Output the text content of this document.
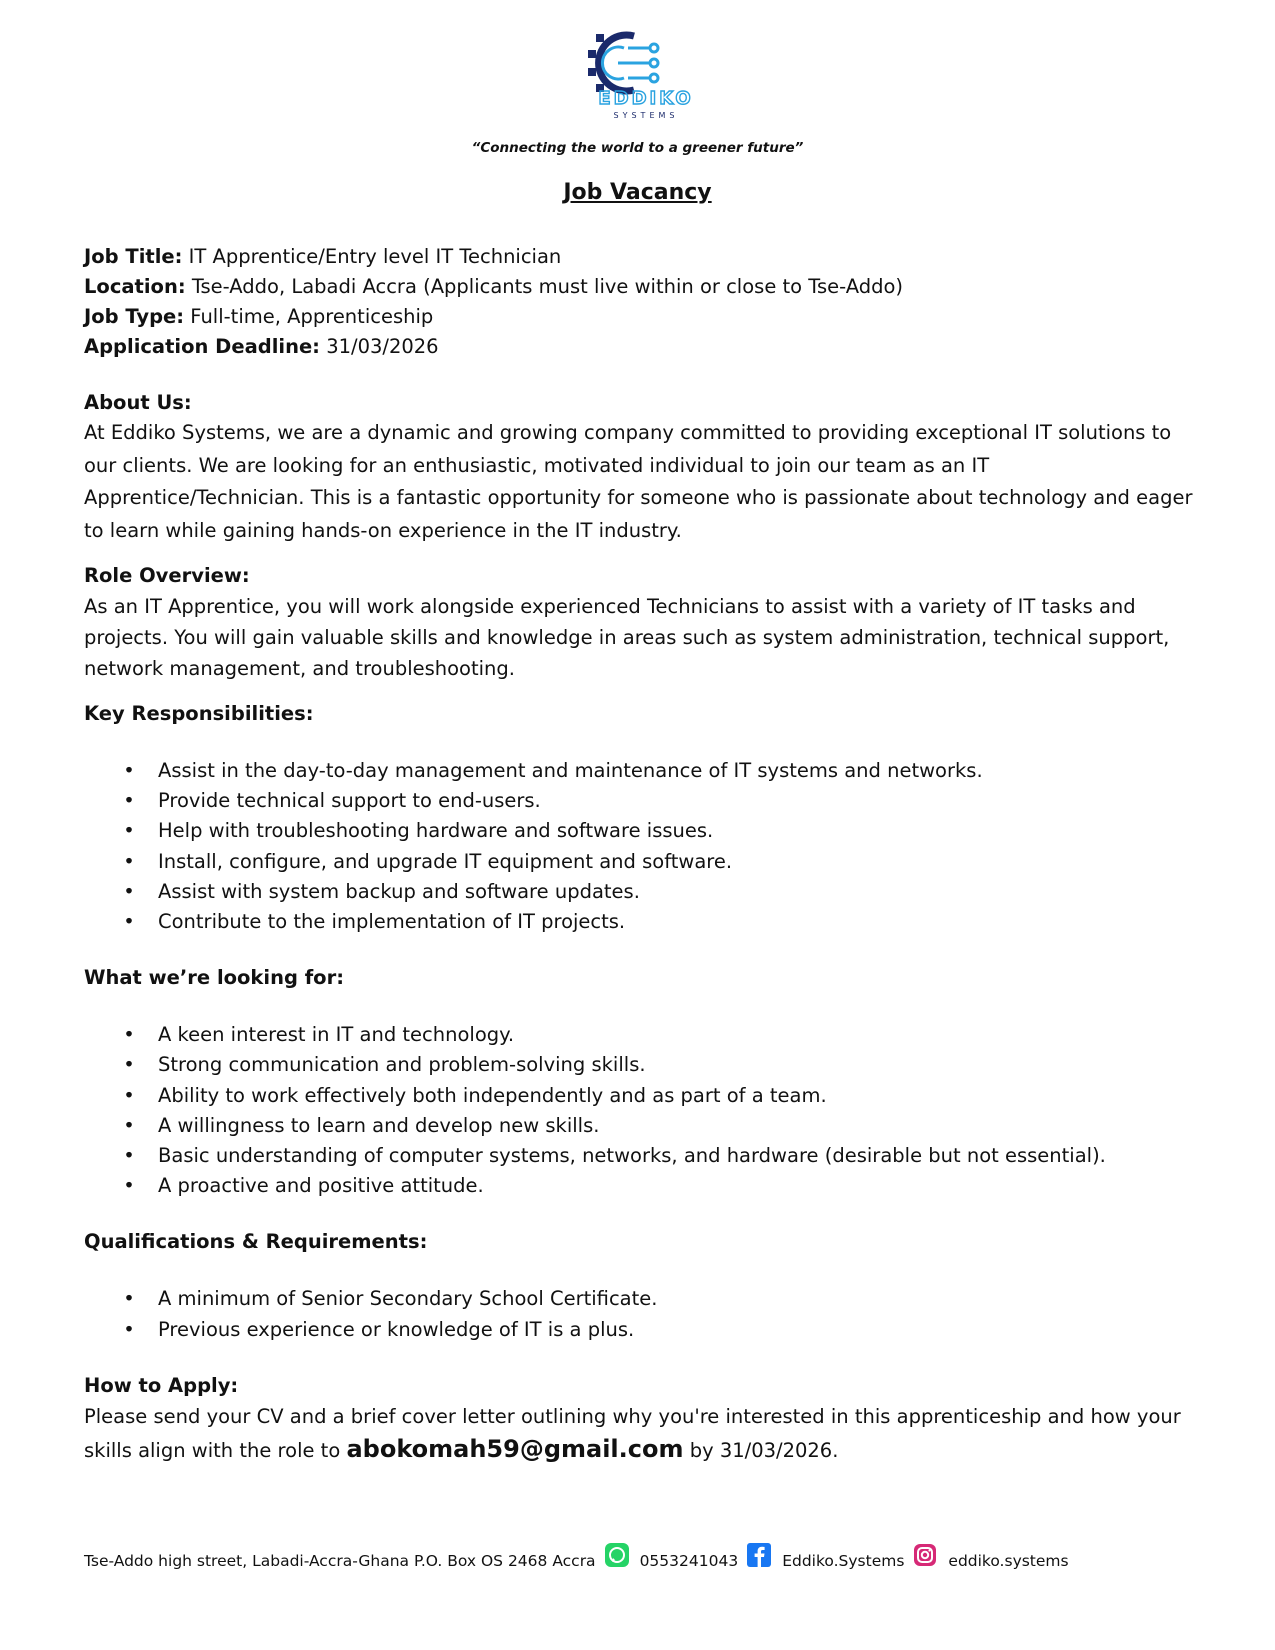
EDDIKO
SYSTEMS
“Connecting the world to a greener future”
Job Vacancy

Job Title: IT Apprentice/Entry level IT Technician

Location: Tse-Addo, Labadi Accra (Applicants must live within or close to Tse-Addo)

Job Type: Full-time, Apprenticeship

Application Deadline: 31/03/2026

About Us:

At Eddiko Systems, we are a dynamic and growing company committed to providing exceptional IT solutions to our clients. We are looking for an enthusiastic, motivated individual to join our team as an IT Apprentice/Technician. This is a fantastic opportunity for someone who is passionate about technology and eager to learn while gaining hands-on experience in the IT industry.

Role Overview:

As an IT Apprentice, you will work alongside experienced Technicians to assist with a variety of IT tasks and projects. You will gain valuable skills and knowledge in areas such as system administration, technical support, network management, and troubleshooting.

Key Responsibilities:

• Assist in the day-to-day management and maintenance of IT systems and networks.
• Provide technical support to end-users.
• Help with troubleshooting hardware and software issues.
• Install, configure, and upgrade IT equipment and software.
• Assist with system backup and software updates.
• Contribute to the implementation of IT projects.

What we’re looking for:

• A keen interest in IT and technology.
• Strong communication and problem-solving skills.
• Ability to work effectively both independently and as part of a team.
• A willingness to learn and develop new skills.
• Basic understanding of computer systems, networks, and hardware (desirable but not essential).
• A proactive and positive attitude.

Qualifications & Requirements:

• A minimum of Senior Secondary School Certificate.
• Previous experience or knowledge of IT is a plus.

How to Apply:

Please send your CV and a brief cover letter outlining why you're interested in this apprenticeship and how your skills align with the role to abokomah59@gmail.com by 31/03/2026.

Tse-Addo high street, Labadi-Accra-Ghana P.O. Box OS 2468 Accra	0553241043	Eddiko.Systems	eddiko.systems
